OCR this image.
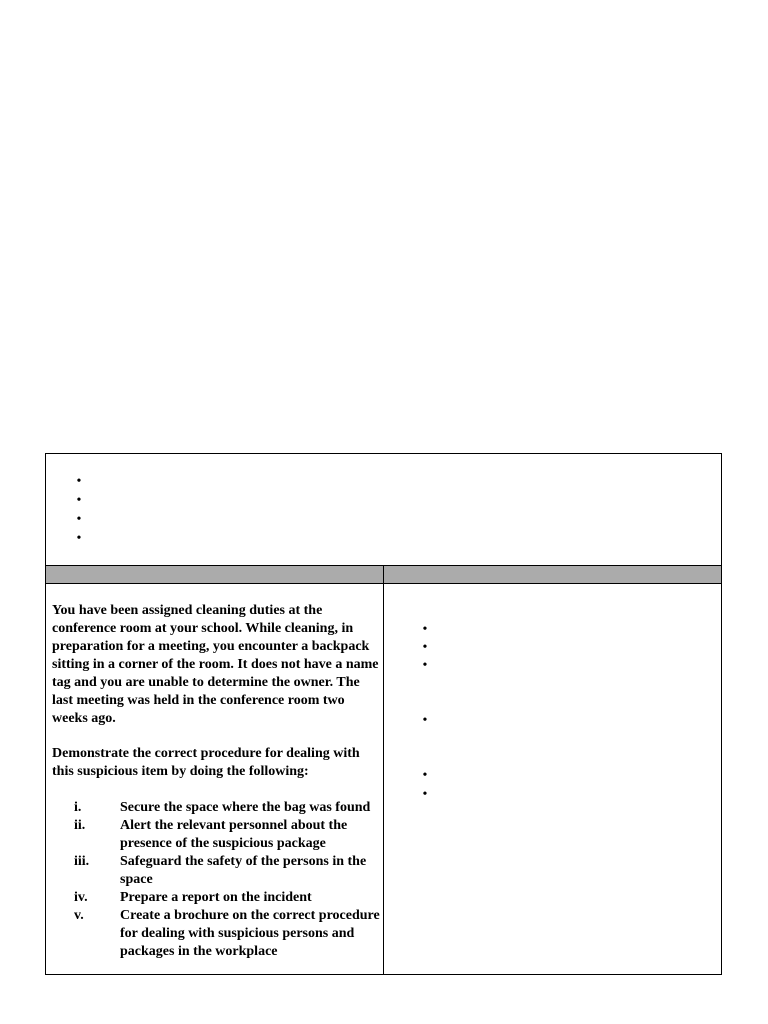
•
•
•
•

You have been assigned cleaning duties at the conference room at your school. While cleaning, in preparation for a meeting, you encounter a backpack sitting in a corner of the room. It does not have a name tag and you are unable to determine the owner. The last meeting was held in the conference room two weeks ago.

Demonstrate the correct procedure for dealing with this suspicious item by doing the following:

i.	Secure the space where the bag was found
ii. Alert the relevant personnel about the presence of the suspicious package
iii. Safeguard the safety of the persons in the space
iv. Prepare a report on the incident
v.	Create a brochure on the correct procedure for dealing with suspicious persons and packages in the workplace
•
•
•
•
•
•
